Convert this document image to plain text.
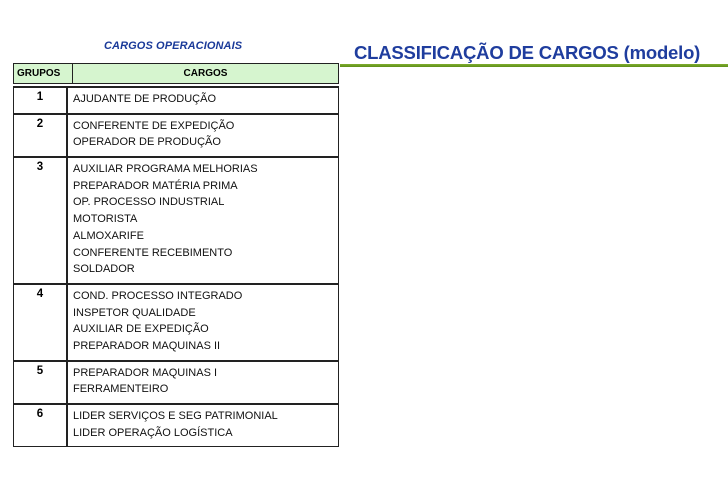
CARGOS OPERACIONAIS	CLASSIFICAÇÃO DE CARGOS (modelo)
GRUPOS	CARGOS
1	AJUDANTE DE PRODUÇÃO
2	CONFERENTE DE EXPEDIÇÃO
OPERADOR DE PRODUÇÃO
3	AUXILIAR PROGRAMA MELHORIAS
PREPARADOR MATÉRIA PRIMA
OP. PROCESSO INDUSTRIAL
MOTORISTA
ALMOXARIFE
CONFERENTE RECEBIMENTO
SOLDADOR
4	COND. PROCESSO INTEGRADO
INSPETOR QUALIDADE
AUXILIAR DE EXPEDIÇÃO
PREPARADOR MAQUINAS II
5	PREPARADOR MAQUINAS I
FERRAMENTEIRO
6	LIDER SERVIÇOS E SEG PATRIMONIAL
LIDER OPERAÇÃO LOGÍSTICA
